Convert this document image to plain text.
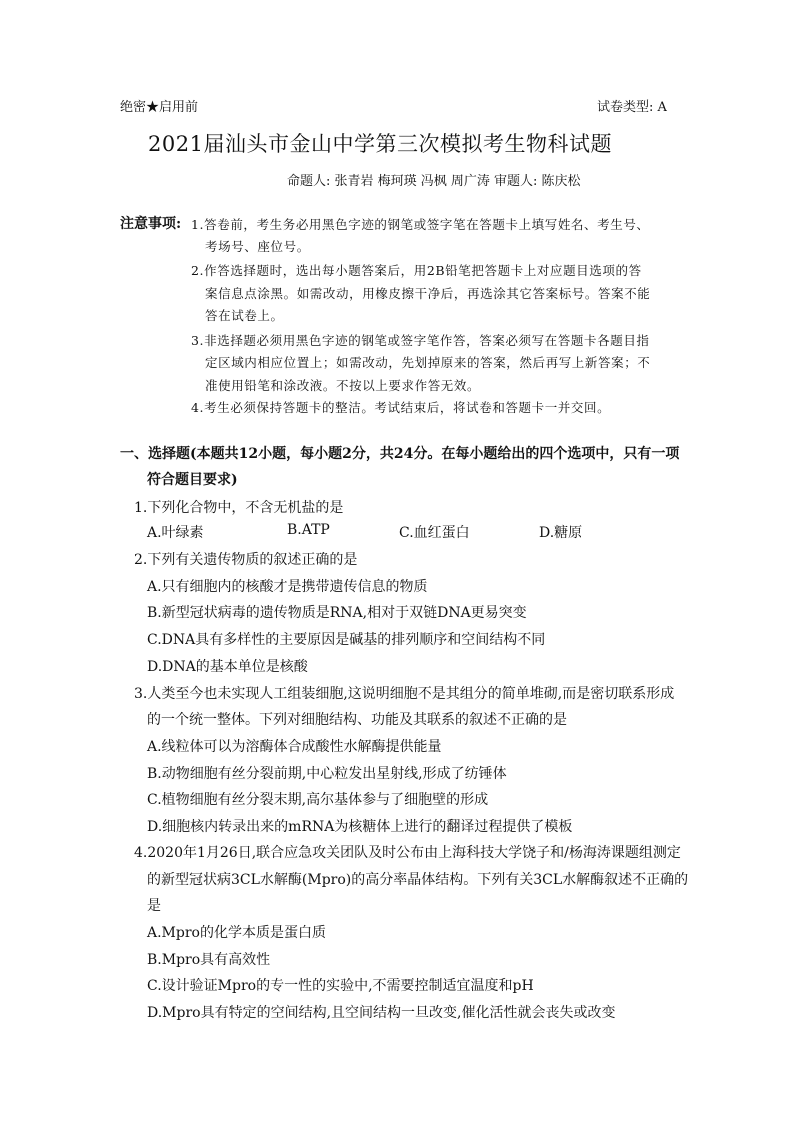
绝密★启用前	试卷类型: A
2021届汕头市金山中学第三次模拟考生物科试题
命题人: 张青岩 梅珂瑛 冯枫 周广涛 审题人: 陈庆松
注意事项: 1.答卷前，考生务必用黑色字迹的钢笔或签字笔在答题卡上填写姓名、考生号、
考场号、座位号。
2.作答选择题时，选出每小题答案后，用2B铅笔把答题卡上对应题目选项的答
案信息点涂黑。如需改动，用橡皮擦干净后，再选涂其它答案标号。答案不能
答在试卷上。
3.非选择题必须用黑色字迹的钢笔或签字笔作答，答案必须写在答题卡各题目指
定区域内相应位置上；如需改动，先划掉原来的答案，然后再写上新答案；不
准使用铅笔和涂改液。不按以上要求作答无效。
4.考生必须保持答题卡的整洁。考试结束后，将试卷和答题卡一并交回。
一、选择题(本题共12小题，每小题2分，共24分。在每小题给出的四个选项中，只有一项
符合题目要求)
1.下列化合物中，不含无机盐的是
A.叶绿素	B.ATP	C.血红蛋白	D.糖原
2.下列有关遗传物质的叙述正确的是
A.只有细胞内的核酸才是携带遗传信息的物质
B.新型冠状病毒的遗传物质是RNA,相对于双链DNA更易突变
C.DNA具有多样性的主要原因是碱基的排列顺序和空间结构不同
D.DNA的基本单位是核酸
3.人类至今也未实现人工组装细胞,这说明细胞不是其组分的简单堆砌,而是密切联系形成
的一个统一整体。下列对细胞结构、功能及其联系的叙述不正确的是
A.线粒体可以为溶酶体合成酸性水解酶提供能量
B.动物细胞有丝分裂前期,中心粒发出星射线,形成了纺锤体
C.植物细胞有丝分裂末期,高尔基体参与了细胞壁的形成
D.细胞核内转录出来的mRNA为核糖体上进行的翻译过程提供了模板
4.2020年1月26日,联合应急攻关团队及时公布由上海科技大学饶子和/杨海涛课题组测定
的新型冠状病3CL水解酶(Mpro)的高分率晶体结构。下列有关3CL水解酶叙述不正确的
是
A.Mpro的化学本质是蛋白质
B.Mpro具有高效性
C.设计验证Mpro的专一性的实验中,不需要控制适宜温度和pH
D.Mpro具有特定的空间结构,且空间结构一旦改变,催化活性就会丧失或改变
